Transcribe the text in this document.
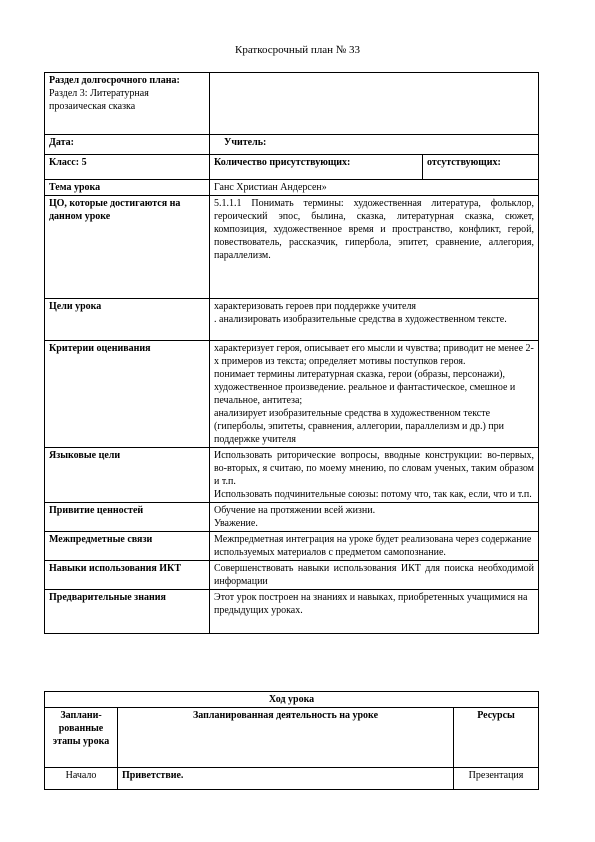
Краткосрочный план № 33
Раздел долгосрочного плана:
Раздел 3: Литературная прозаическая сказка		

Дата:	Учитель:	
Класс: 5	Количество присутствующих:	отсутствующих:
Тема урока	Ганс Христиан Андерсен»	
ЦО, которые достигаются на данном уроке	5.1.1.1 Понимать термины: художественная литература, фольклор, героический эпос, былина, сказка, литературная сказка, сюжет, композиция, художественное время и пространство, конфликт, герой, повествователь, рассказчик, гипербола, эпитет, сравнение, аллегория, параллелизм.	
Цели урока	характеризовать героев при поддержке учителя

. анализировать изобразительные средства в художественном текстe.	

Критерии оценивания	характеризует героя, описывает его мысли и чувства; приводит не менее 2-х примеров из текста; определяет мотивы поступков героя.

понимает термины литературная сказка, герои (образы, персонажи), художественное произведение. реальное и фантастическое, смешное и печальное, антитеза;

анализирует изобразительные средства в художественном тексте (гиперболы, эпитеты, сравнения, аллегории, параллелизм и др.) при поддержке учителя	

Языковые цели	Использовать риторические вопросы, вводные конструкции: во-первых, во-вторых, я считаю, по моему мнению, по словам ученых, таким образом и т.п.

Использовать подчинительные союзы: потому что, так как, если, что и т.п.	

Привитие ценностей	Обучение на протяжении всей жизни.

Уважение.	

Межпредметные связи	Межпредметная интеграция на уроке будет реализована через содержание используемых материалов с предметом самопознание.	
Навыки использования ИКТ	Совершенствовать навыки использования ИКТ для поиска необходимой информации	
Предварительные знания	Этот урок построен на знаниях и навыках, приобретенных учащимися на предыдущих уроках.	
Ход урока		
Заплани-рованные этапы урока	Запланированная деятельность на уроке	Ресурсы
Начало	Приветствие.	Презентация
